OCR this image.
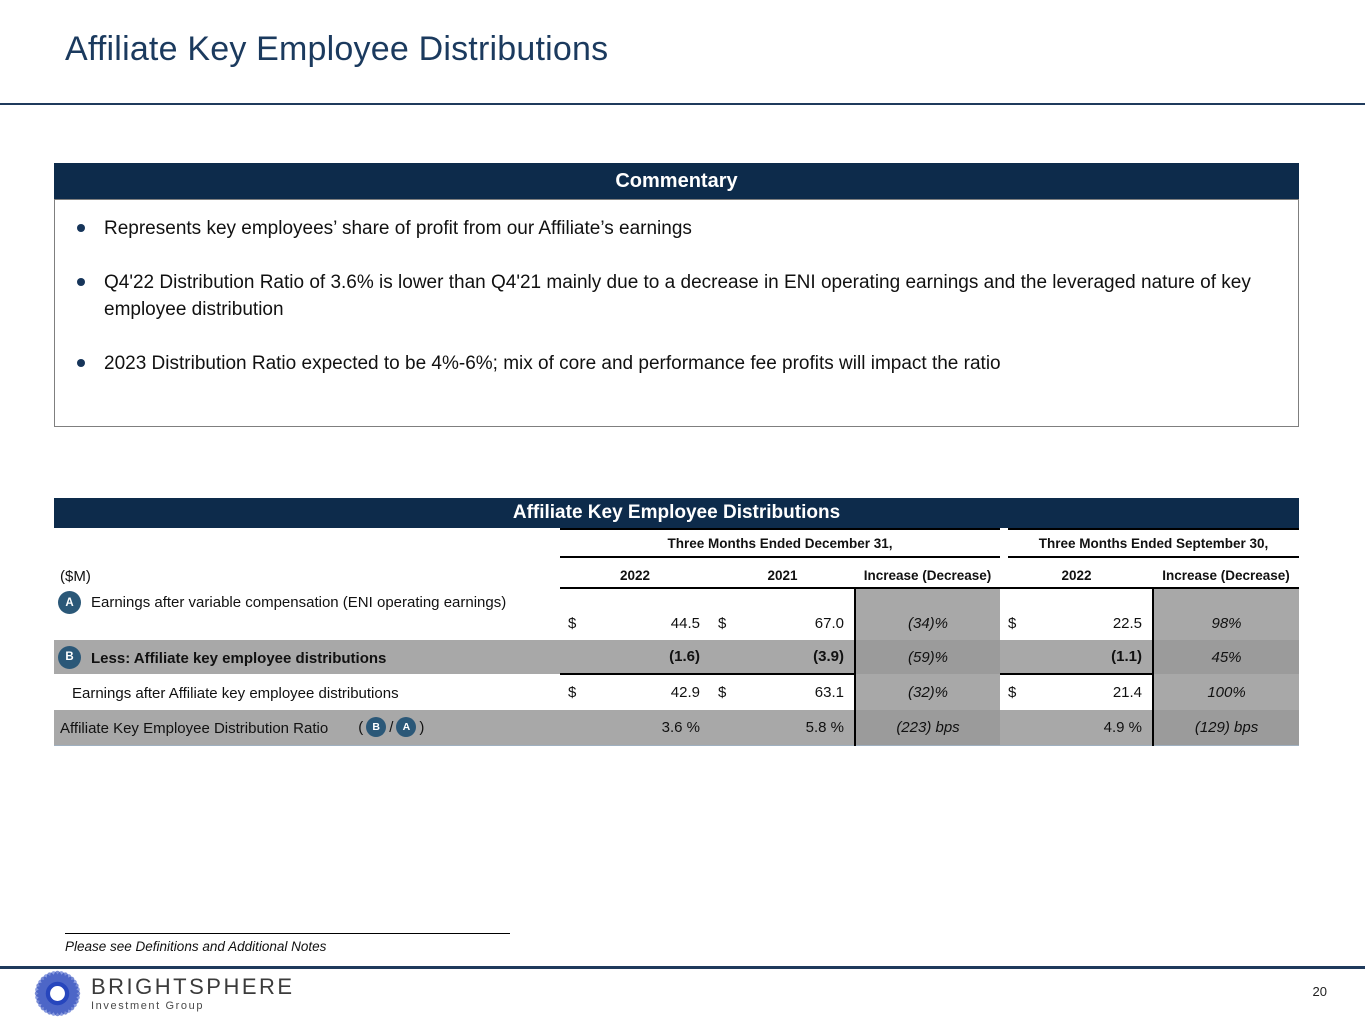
Affiliate Key Employee Distributions
Commentary
Represents key employees’ share of profit from our Affiliate’s earnings
Q4'22 Distribution Ratio of 3.6% is lower than Q4'21 mainly due to a decrease in ENI operating earnings and the leveraged nature of key employee distribution
2023 Distribution Ratio expected to be 4%-6%; mix of core and performance fee profits will impact the ratio
Affiliate Key Employee Distributions

	Three Months Ended December 31,			Three Months Ended September 30,	

($M)	2022	2021	Increase (Decrease)	2022	Increase (Decrease)

A Earnings after variable compensation (ENI operating earnings)	$ 44.5	$ 67.0	(34)%	$ 22.5	98%

B Less: Affiliate key employee distributions	(1.6)	(3.9)	(59)%	(1.1)	45%

Earnings after Affiliate key employee distributions	$ 42.9	$ 63.1	(32)%	$ 21.4	100%

Affiliate Key Employee Distribution Ratio ( B / A )	3.6 %	5.8 %	(223) bps	4.9 %	(129) bps
Please see Definitions and Additional Notes
BRIGHTSPHERE
Investment Group
20
